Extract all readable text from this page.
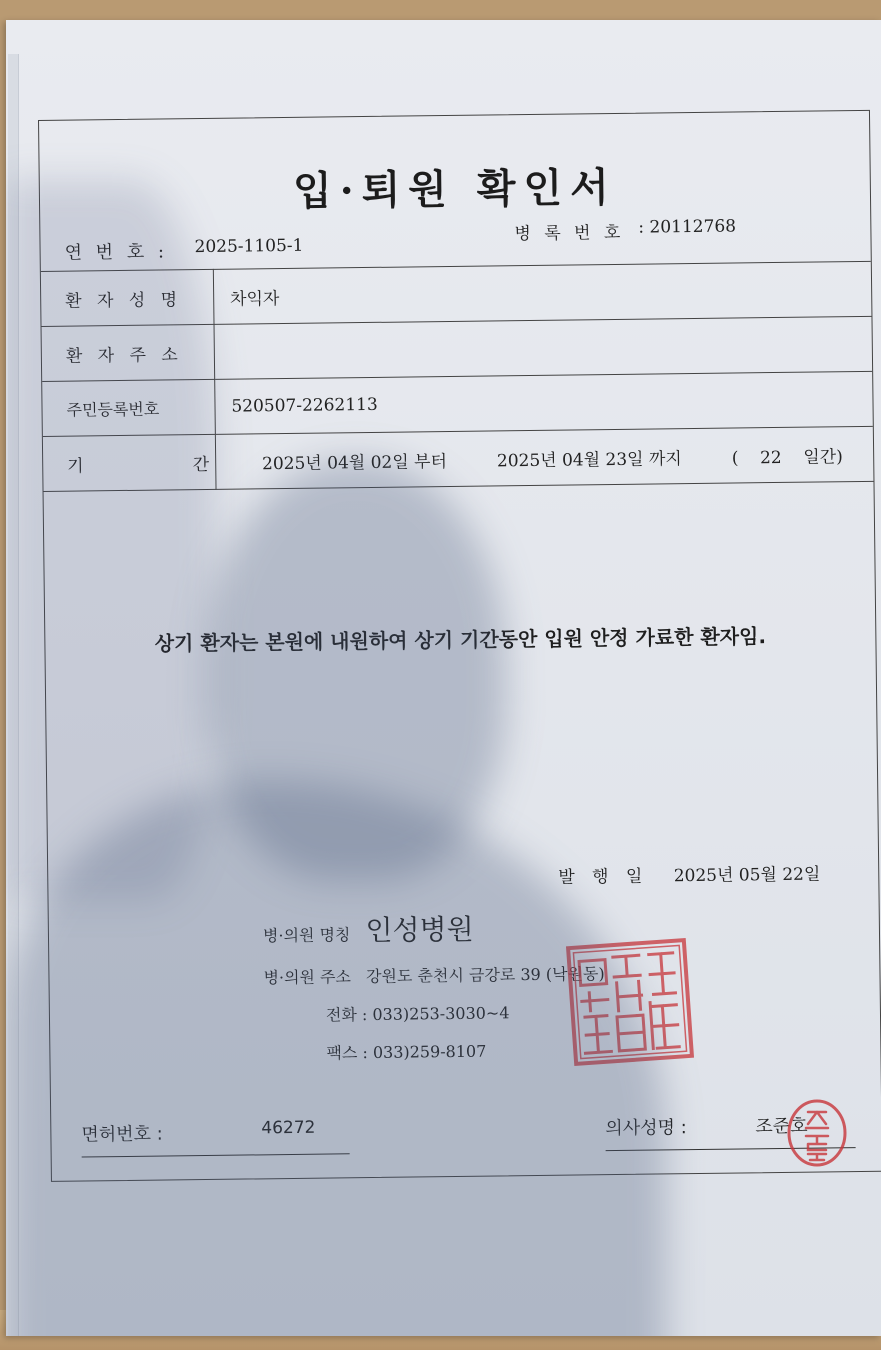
입·퇴원 확인서
연 번 호 : 2025-1105-1
병 록 번 호 : 20112768
환 자 성 명	차익자
환 자 주 소	
주민등록번호	520507-2262113
기          간	2025년 04월 02일 부터 2025년 04월 23일 까지 (    22    일간)
상기 환자는 본원에 내원하여 상기 기간동안 입원 안정 가료한 환자임.
발 행 일 2025년 05월 22일
병·의원 명칭 인성병원
병·의원 주소 강원도 춘천시 금강로 39 (낙원동)
전화 : 033)253-3030~4
팩스 : 033)259-8107
면허번호 :	46272	의사성명 :	조준호
